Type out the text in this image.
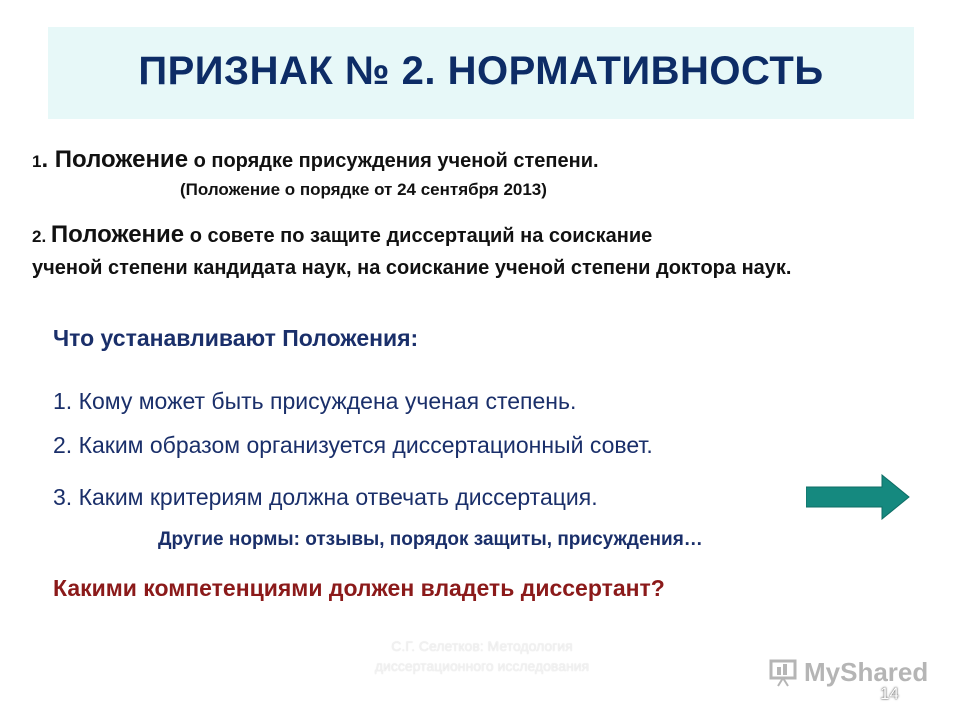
ПРИЗНАК № 2. НОРМАТИВНОСТЬ
1. Положение о порядке присуждения ученой степени.
(Положение о порядке от 24 сентября 2013)
2. Положение о совете по защите диссертаций на соискание
ученой степени кандидата наук, на соискание ученой степени доктора наук.
Что устанавливают Положения:
1. Кому может быть присуждена ученая степень.
2. Каким образом организуется диссертационный совет.
3. Каким критериям должна отвечать диссертация.
Другие нормы: отзывы, порядок защиты, присуждения…
Какими компетенциями должен владеть диссертант?
С.Г. Селетков: Методология диссертационного исследования	MyShared
14
